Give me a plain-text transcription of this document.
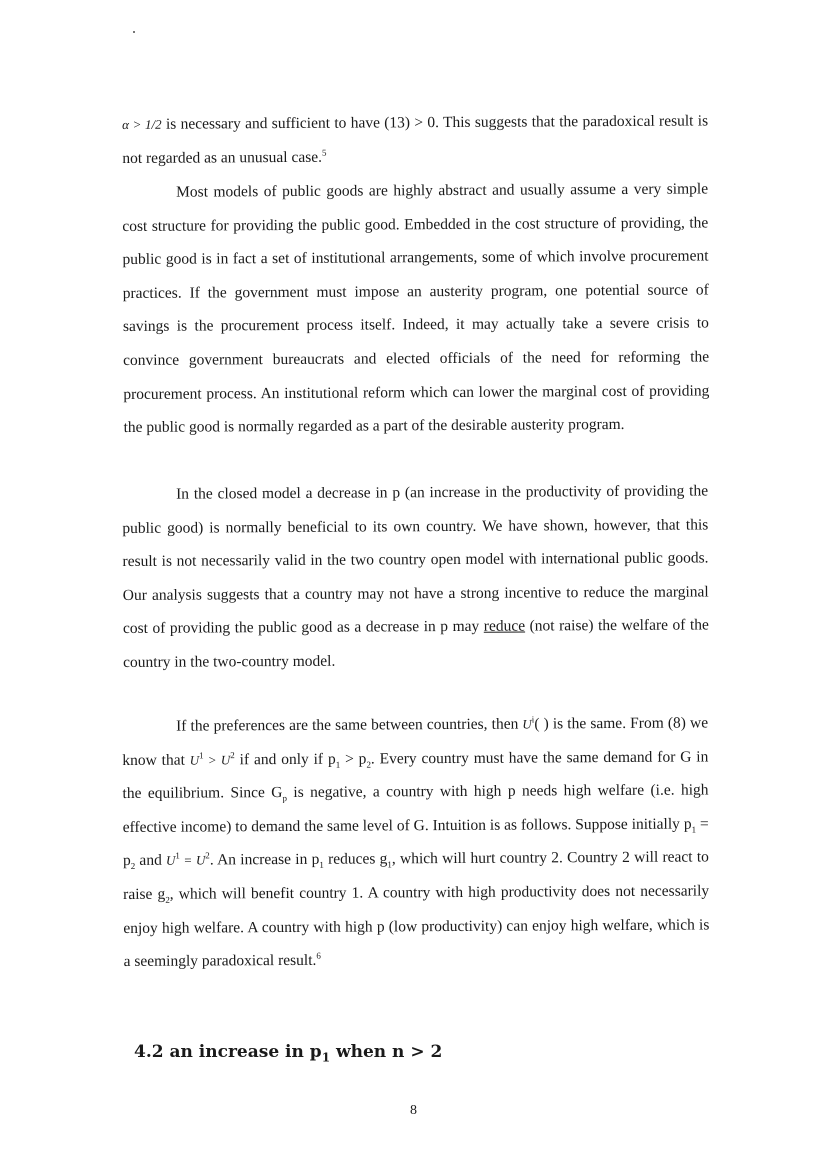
α > 1/2 is necessary and sufficient to have (13) > 0. This suggests that the paradoxical result is not regarded as an unusual case.$^5$

Most models of public goods are highly abstract and usually assume a very simple cost structure for providing the public good. Embedded in the cost structure of providing, the public good is in fact a set of institutional arrangements, some of which involve procurement practices. If the government must impose an austerity program, one potential source of savings is the procurement process itself. Indeed, it may actually take a severe crisis to convince government bureaucrats and elected officials of the need for reforming the procurement process. An institutional reform which can lower the marginal cost of providing the public good is normally regarded as a part of the desirable austerity program.

In the closed model a decrease in p (an increase in the productivity of providing the public good) is normally beneficial to its own country. We have shown, however, that this result is not necessarily valid in the two country open model with international public goods. Our analysis suggests that a country may not have a strong incentive to reduce the marginal cost of providing the public good as a decrease in p may reduce (not raise) the welfare of the country in the two-country model.

If the preferences are the same between countries, then $U^i$( ) is the same. From (8) we know that $U^1 > U^2$ if and only if $p_1 > p_2$. Every country must have the same demand for G in the equilibrium. Since $G_p$ is negative, a country with high p needs high welfare (i.e. high effective income) to demand the same level of G. Intuition is as follows. Suppose initially $p_1 = p_2$ and $U^1 = U^2$. An increase in $p_1$ reduces $g_1$, which will hurt country 2. Country 2 will react to raise $g_2$, which will benefit country 1. A country with high productivity does not necessarily enjoy high welfare. A country with high p (low productivity) can enjoy high welfare, which is a seemingly paradoxical result.$^6$

4.2 an increase in $p_1$ when n > 2

8
